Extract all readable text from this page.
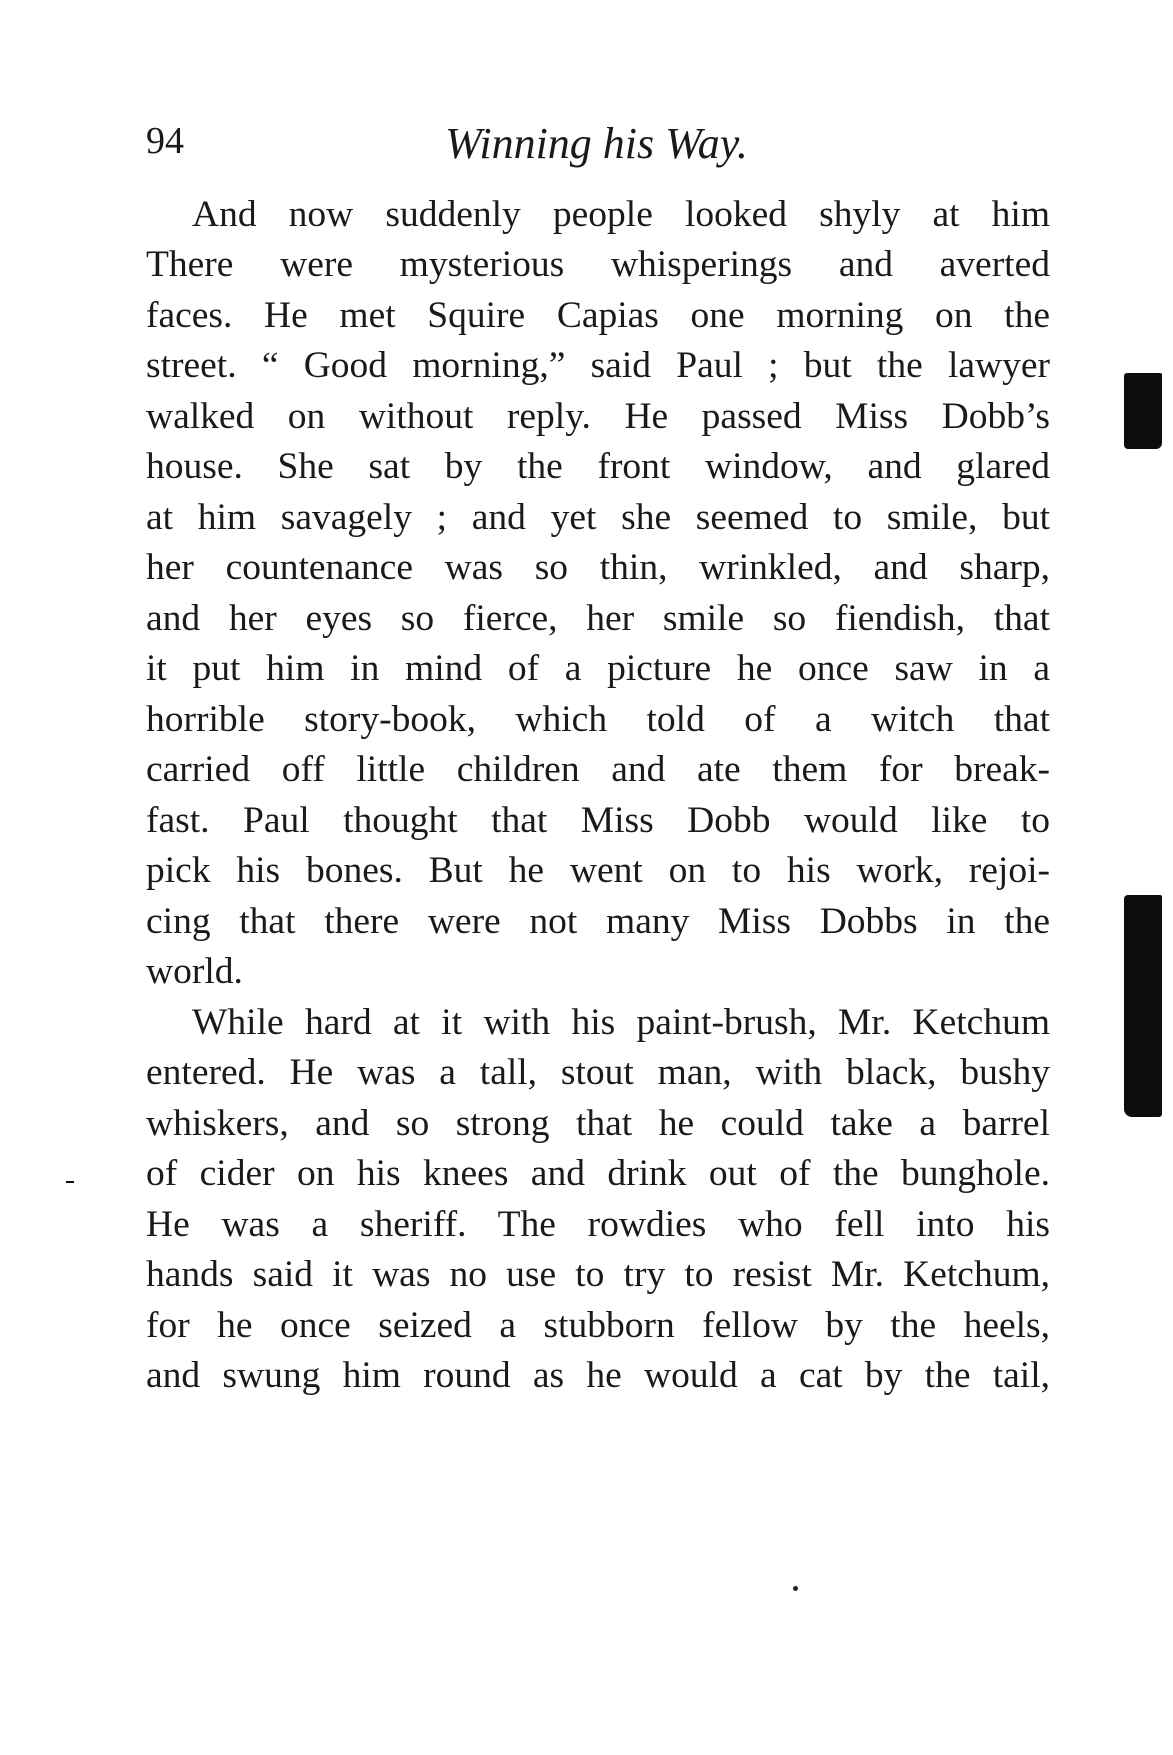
94	Winning his Way.
And now suddenly people looked shyly at him
There were mysterious whisperings and averted
faces. He met Squire Capias one morning on the
street. “ Good morning,” said Paul ; but the lawyer
walked on without reply. He passed Miss Dobb’s
house. She sat by the front window, and glared
at him savagely ; and yet she seemed to smile, but
her countenance was so thin, wrinkled, and sharp,
and her eyes so fierce, her smile so fiendish, that
it put him in mind of a picture he once saw in a
horrible story-book, which told of a witch that
carried off little children and ate them for break-
fast. Paul thought that Miss Dobb would like to
pick his bones. But he went on to his work, rejoi-
cing that there were not many Miss Dobbs in the
world.
While hard at it with his paint-brush, Mr. Ketchum
entered. He was a tall, stout man, with black, bushy
whiskers, and so strong that he could take a barrel
of cider on his knees and drink out of the bunghole.
He was a sheriff. The rowdies who fell into his
hands said it was no use to try to resist Mr. Ketchum,
for he once seized a stubborn fellow by the heels,
and swung him round as he would a cat by the tail,
